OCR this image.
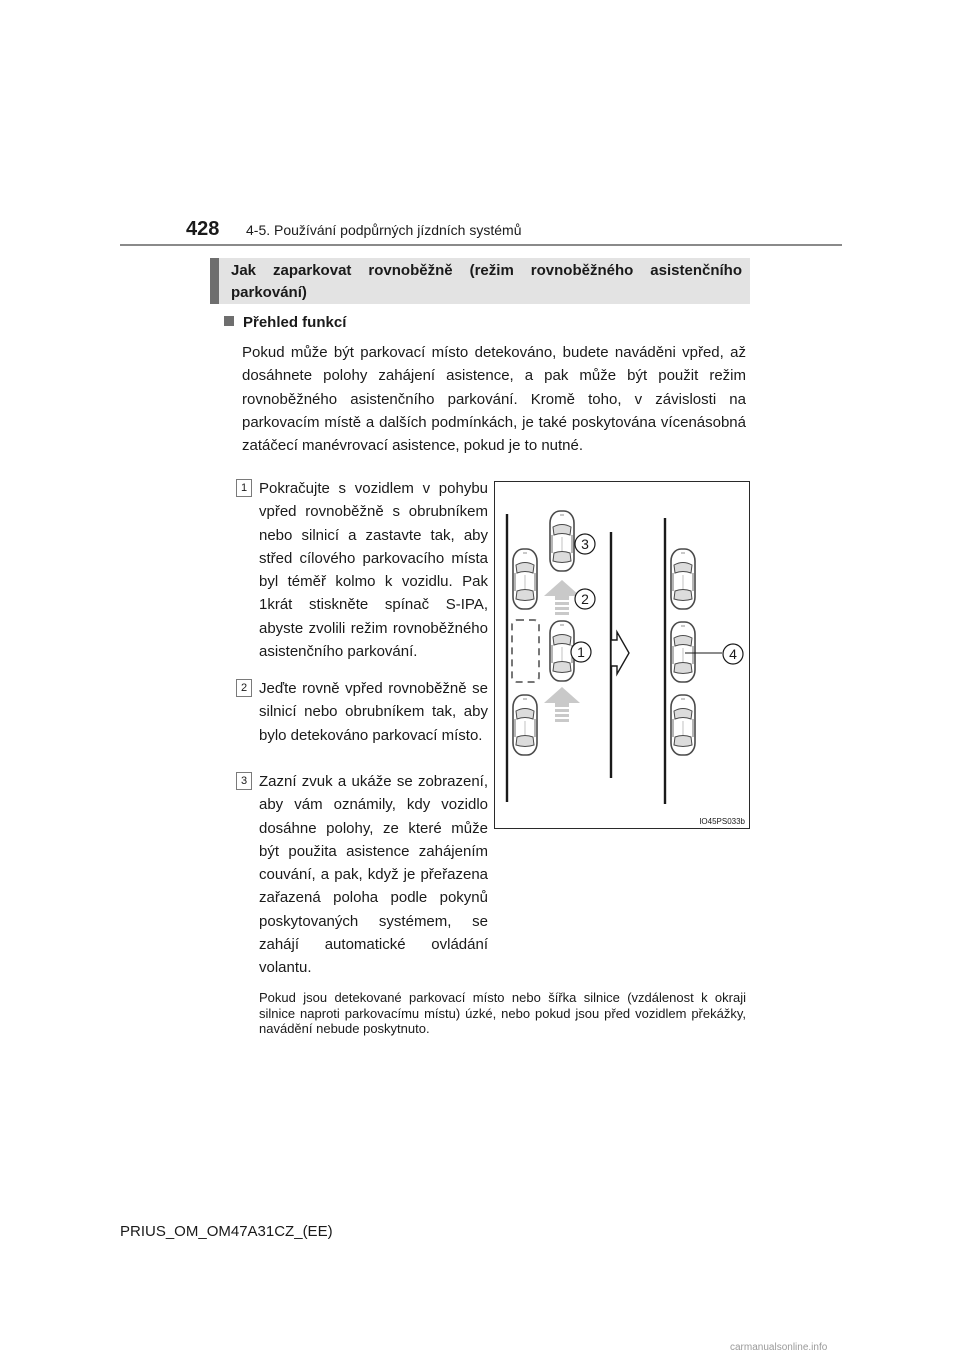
428 4-5. Používání podpůrných jízdních systémů
Jak zaparkovat rovnoběžně (režim rovnoběžného asistenčního parkování)
Přehled funkcí

Pokud může být parkovací místo detekováno, budete naváděni vpřed, až dosáhnete polohy zahájení asistence, a pak může být použit režim rovnoběžného asistenčního parkování. Kromě toho, v závislosti na parkovacím místě a dalších podmínkách, je také poskytována vícenásobná zatáčecí manévrovací asistence, pokud je to nutné.

1 Pokračujte s vozidlem v pohybu vpřed rovnoběžně s obrubníkem nebo silnicí a zastavte tak, aby střed cílového parkovacího místa byl téměř kolmo k vozidlu. Pak 1krát stiskněte spínač S-IPA, abyste zvolili režim rovnoběžného asistenčního parkování.

2 Jeďte rovně vpřed rovnoběžně se silnicí nebo obrubníkem tak, aby bylo detekováno parkovací místo.

3 Zazní zvuk a ukáže se zobrazení, aby vám oznámily, kdy vozidlo dosáhne polohy, ze které může být použita asistence zahájením couvání, a pak, když je přeřazena zařazená poloha podle pokynů poskytovaných systémem, se zahájí automatické ovládání volantu.

3
2
1	4
IO45PS033b

Pokud jsou detekované parkovací místo nebo šířka silnice (vzdálenost k okraji silnice naproti parkovacímu místu) úzké, nebo pokud jsou před vozidlem překážky, navádění nebude poskytnuto.

PRIUS_OM_OM47A31CZ_(EE)
carmanualsonline.info
